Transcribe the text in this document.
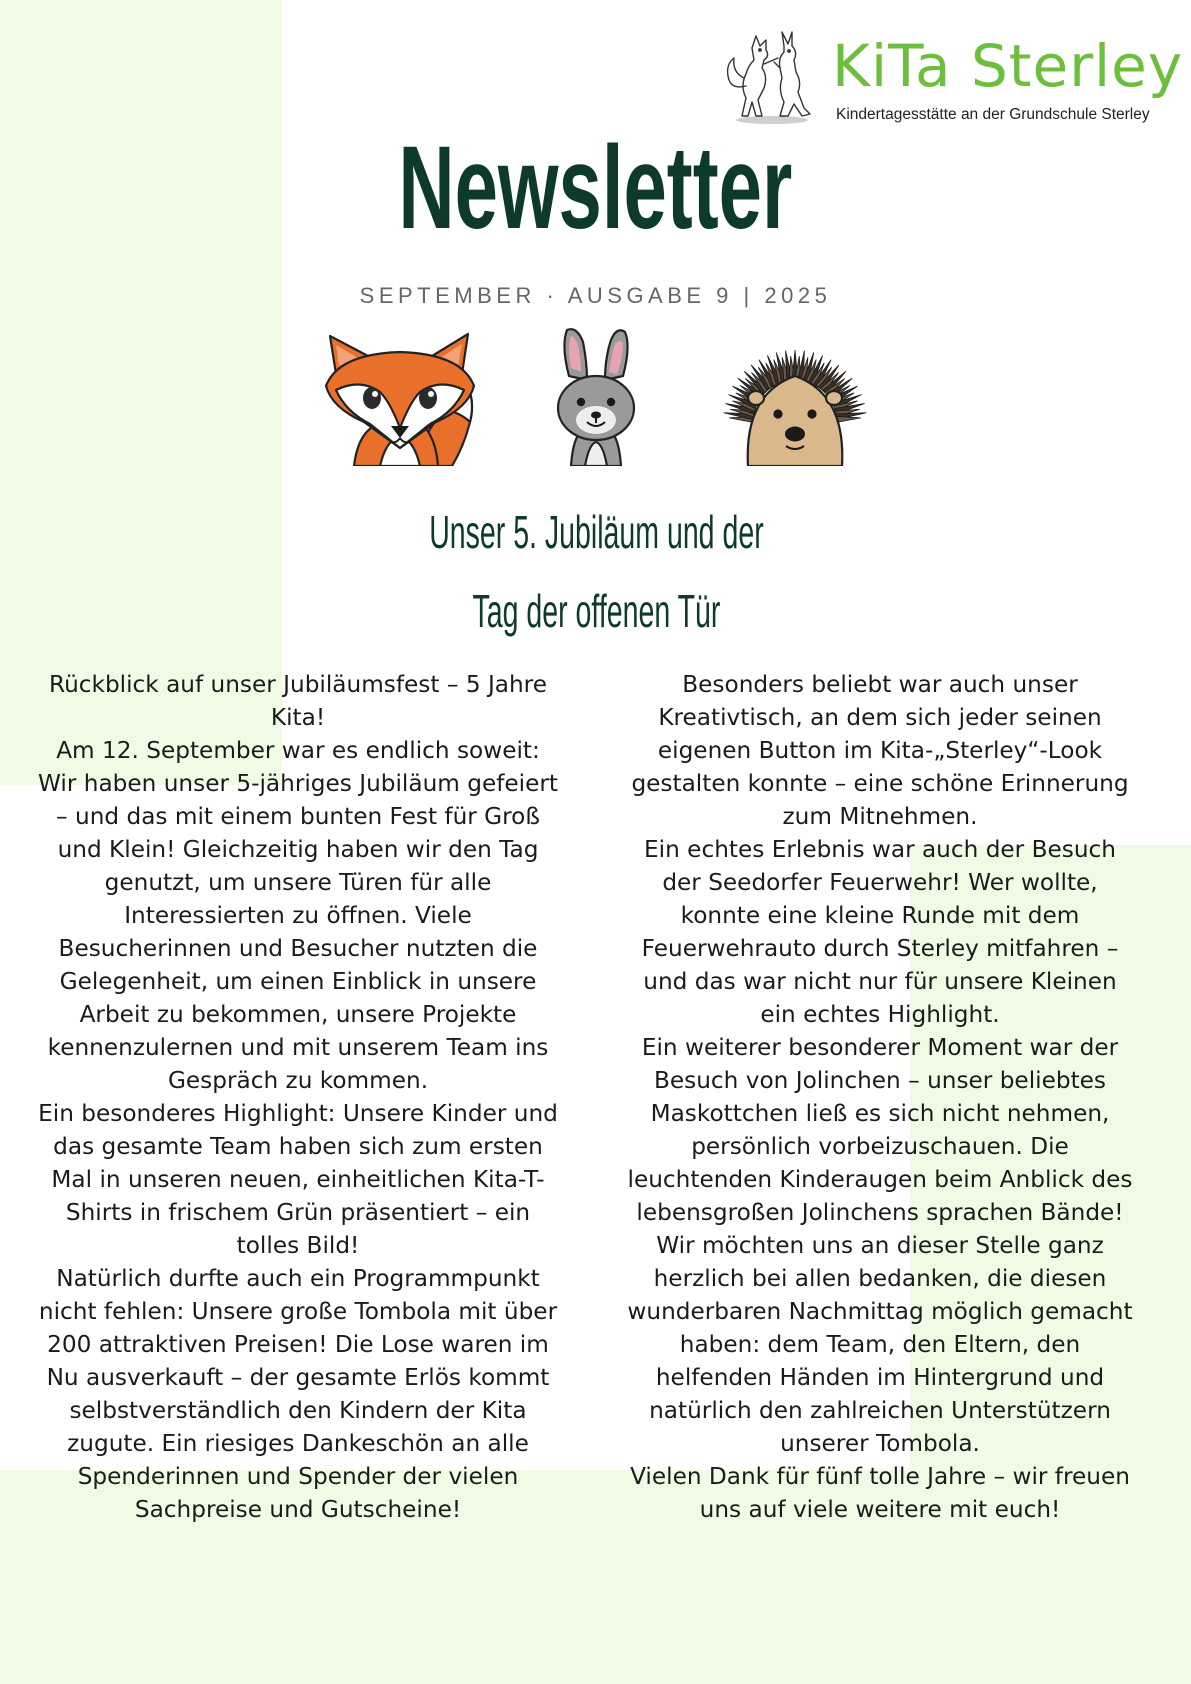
KiTa Sterley
Kindertagesstätte an der Grundschule Sterley
Newsletter
SEPTEMBER · AUSGABE 9 | 2025
Unser 5. Jubiläum und der
Tag der offenen Tür

Rückblick auf unser Jubiläumsfest – 5 Jahre Kita!

Am 12. September war es endlich soweit: Wir haben unser 5-jähriges Jubiläum gefeiert – und das mit einem bunten Fest für Groß und Klein! Gleichzeitig haben wir den Tag genutzt, um unsere Türen für alle Interessierten zu öffnen. Viele Besucherinnen und Besucher nutzten die Gelegenheit, um einen Einblick in unsere Arbeit zu bekommen, unsere Projekte kennenzulernen und mit unserem Team ins Gespräch zu kommen.

Ein besonderes Highlight: Unsere Kinder und das gesamte Team haben sich zum ersten Mal in unseren neuen, einheitlichen Kita-T-Shirts in frischem Grün präsentiert – ein tolles Bild!

Natürlich durfte auch ein Programmpunkt nicht fehlen: Unsere große Tombola mit über 200 attraktiven Preisen! Die Lose waren im Nu ausverkauft – der gesamte Erlös kommt selbstverständlich den Kindern der Kita zugute. Ein riesiges Dankeschön an alle Spenderinnen und Spender der vielen Sachpreise und Gutscheine!

Besonders beliebt war auch unser Kreativtisch, an dem sich jeder seinen eigenen Button im Kita-„Sterley“-Look gestalten konnte – eine schöne Erinnerung zum Mitnehmen.

Ein echtes Erlebnis war auch der Besuch der Seedorfer Feuerwehr! Wer wollte, konnte eine kleine Runde mit dem Feuerwehrauto durch Sterley mitfahren – und das war nicht nur für unsere Kleinen ein echtes Highlight.

Ein weiterer besonderer Moment war der Besuch von Jolinchen – unser beliebtes Maskottchen ließ es sich nicht nehmen, persönlich vorbeizuschauen. Die leuchtenden Kinderaugen beim Anblick des lebensgroßen Jolinchens sprachen Bände!

Wir möchten uns an dieser Stelle ganz herzlich bei allen bedanken, die diesen wunderbaren Nachmittag möglich gemacht haben: dem Team, den Eltern, den helfenden Händen im Hintergrund und natürlich den zahlreichen Unterstützern unserer Tombola.

Vielen Dank für fünf tolle Jahre – wir freuen uns auf viele weitere mit euch!
